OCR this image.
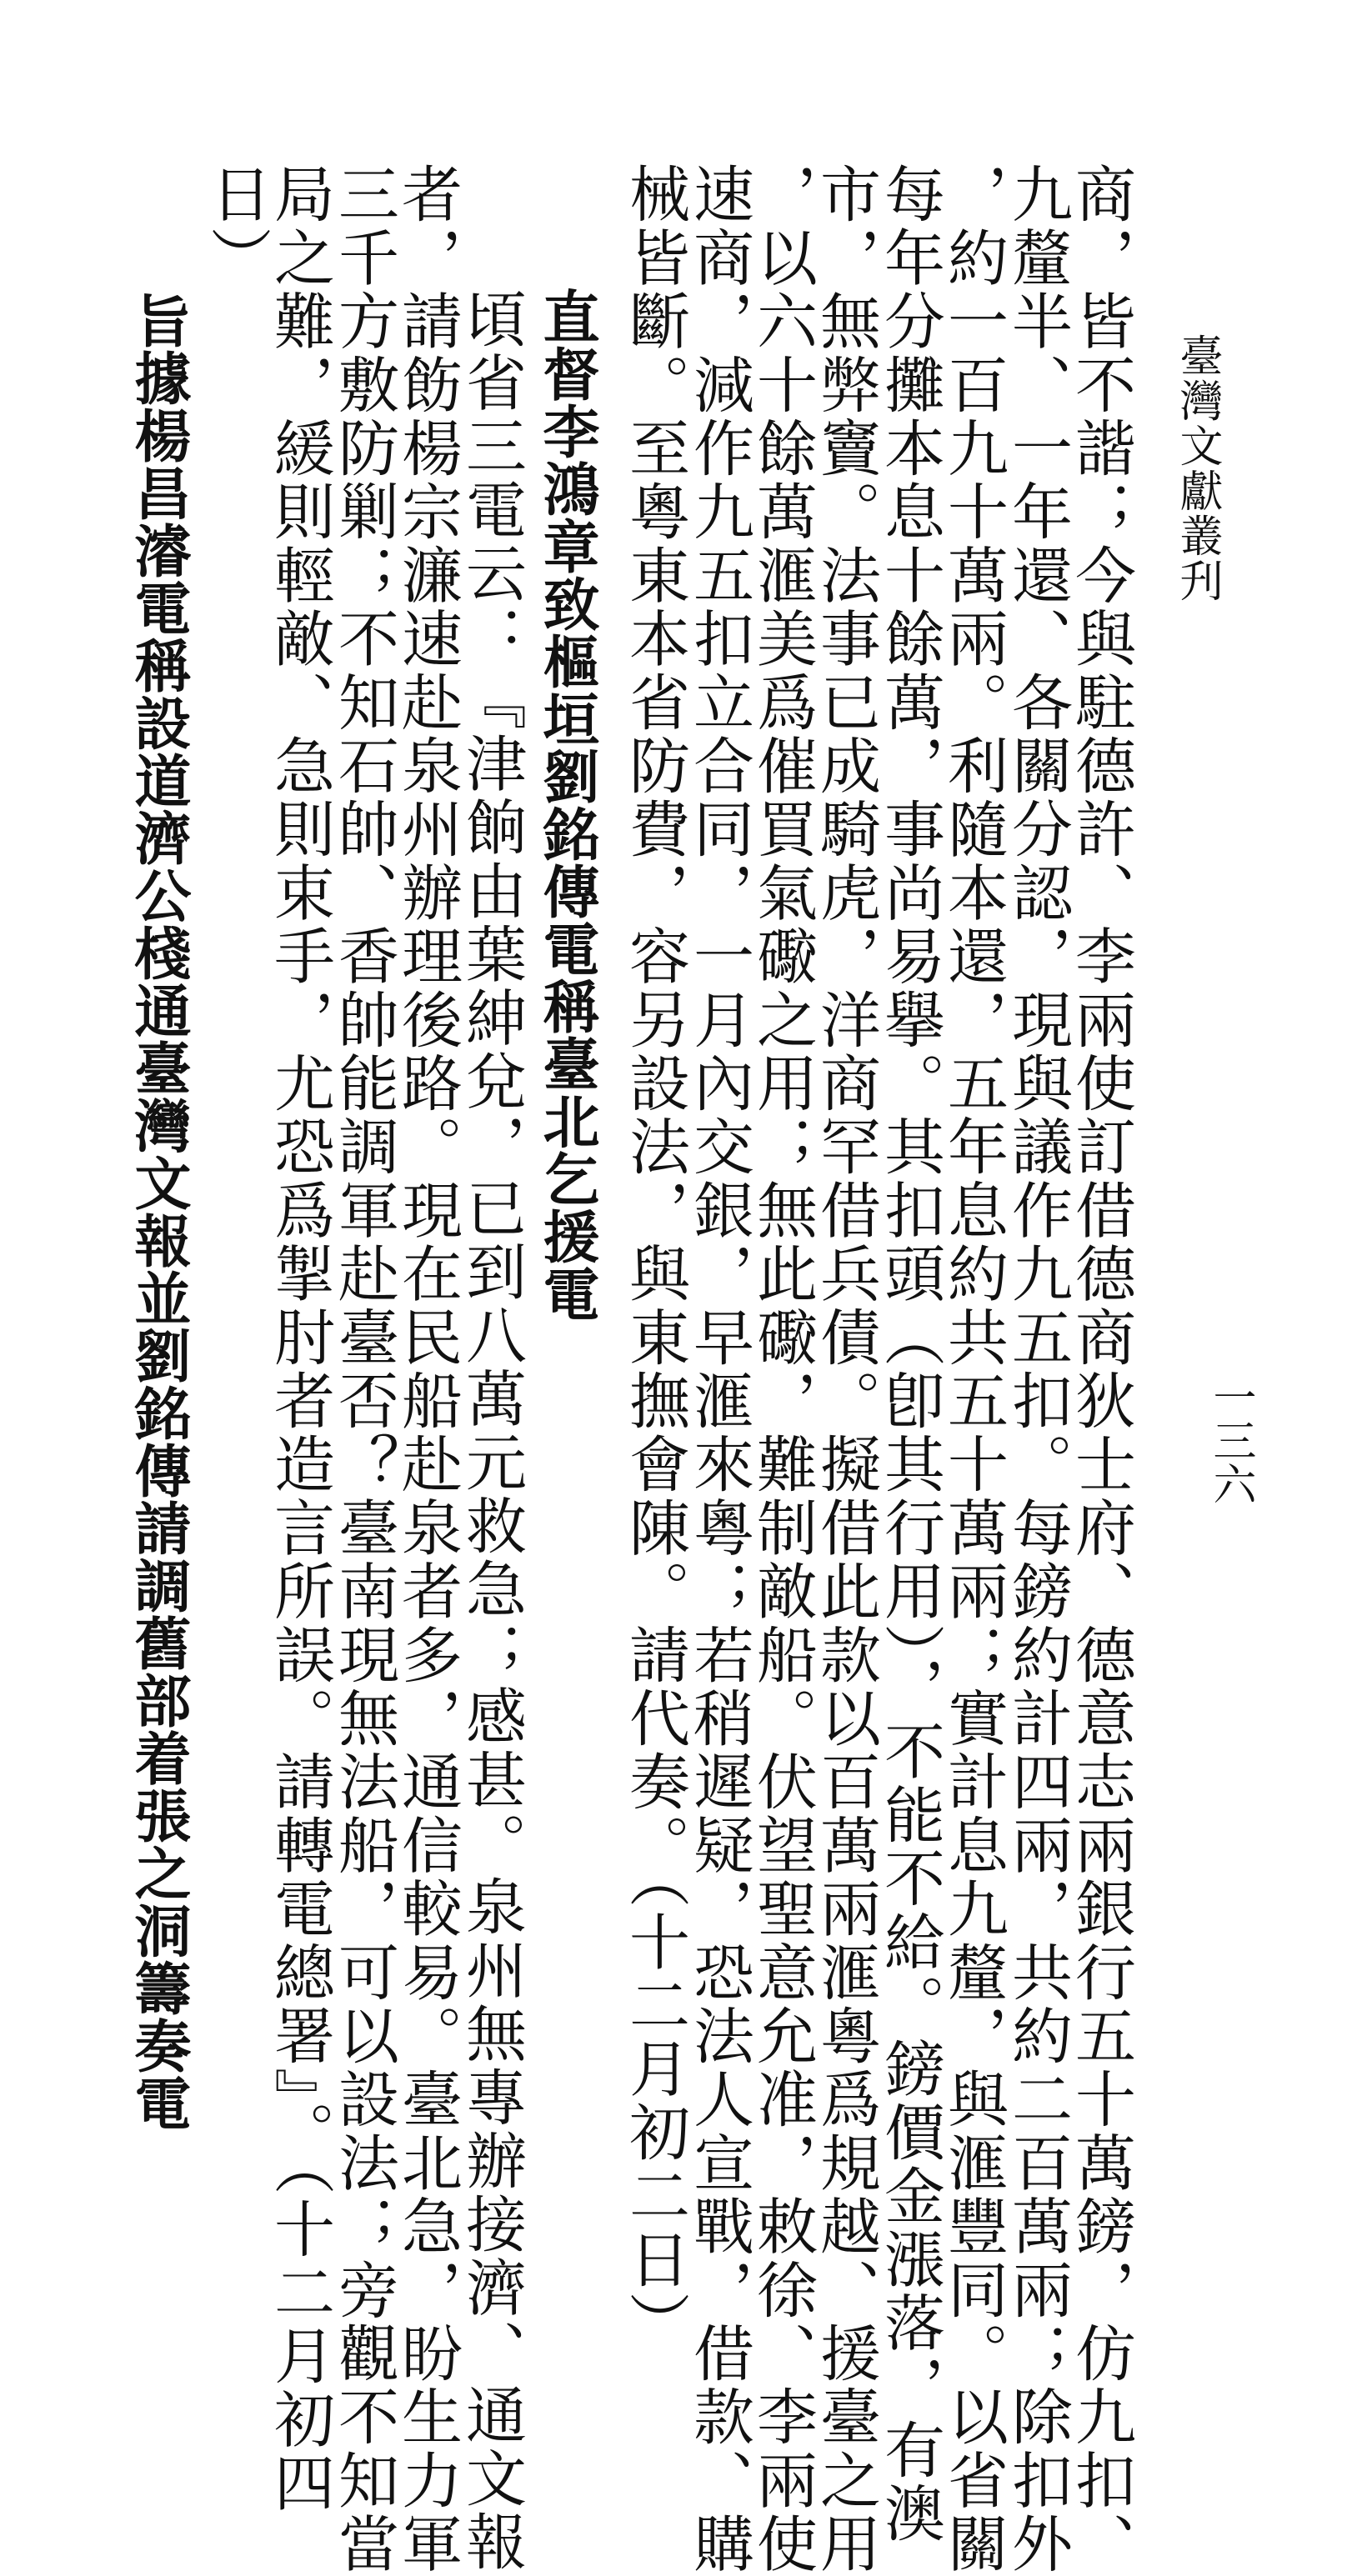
臺灣文獻叢刋
一三六
商，皆不諧；今與駐德許、李兩使訂借德商狄士府、德意志兩銀行五十萬鎊，仿九扣、
九釐半、一年還、各關分認，現與議作九五扣。每鎊約計四兩，共約二百萬兩；除扣外
，約一百九十萬兩。利隨本還，五年息約共五十萬兩；實計息九釐，與滙豐同。以省關
每年分攤本息十餘萬，事尚易擧。其扣頭（卽其行用），不能不給。鎊價金漲落，有澳
市，無弊竇。法事已成騎虎，洋商罕借兵債。擬借此款以百萬兩滙粵爲規越、援臺之用
，以六十餘萬滙美爲催買氣礮之用；無此礮，難制敵船。伏望聖意允准，敕徐、李兩使
速商，減作九五扣立合同，一月內交銀，早滙來粵；若稍遲疑，恐法人宣戰，借款、購
械皆斷。至粵東本省防費，容另設法，與東撫會陳。請代奏。（十二月初二日）
直督李鴻章致樞垣劉銘傳電稱臺北乞援電
頃省三電云：『津餉由葉紳兌，已到八萬元救急；感甚。泉州無專辦接濟、通文報
者，請飭楊宗濂速赴泉州辦理後路。現在民船赴泉者多，通信較易。臺北急，盼生力軍
三千方敷防剿；不知石帥、香帥能調軍赴臺否？臺南現無法船，可以設法；旁觀不知當
局之難，緩則輕敵、急則束手，尤恐爲掣肘者造言所誤。請轉電總署』。（十二月初四
日）
旨據楊昌濬電稱設道濟公棧通臺灣文報並劉銘傳請調舊部着張之洞籌奏電
